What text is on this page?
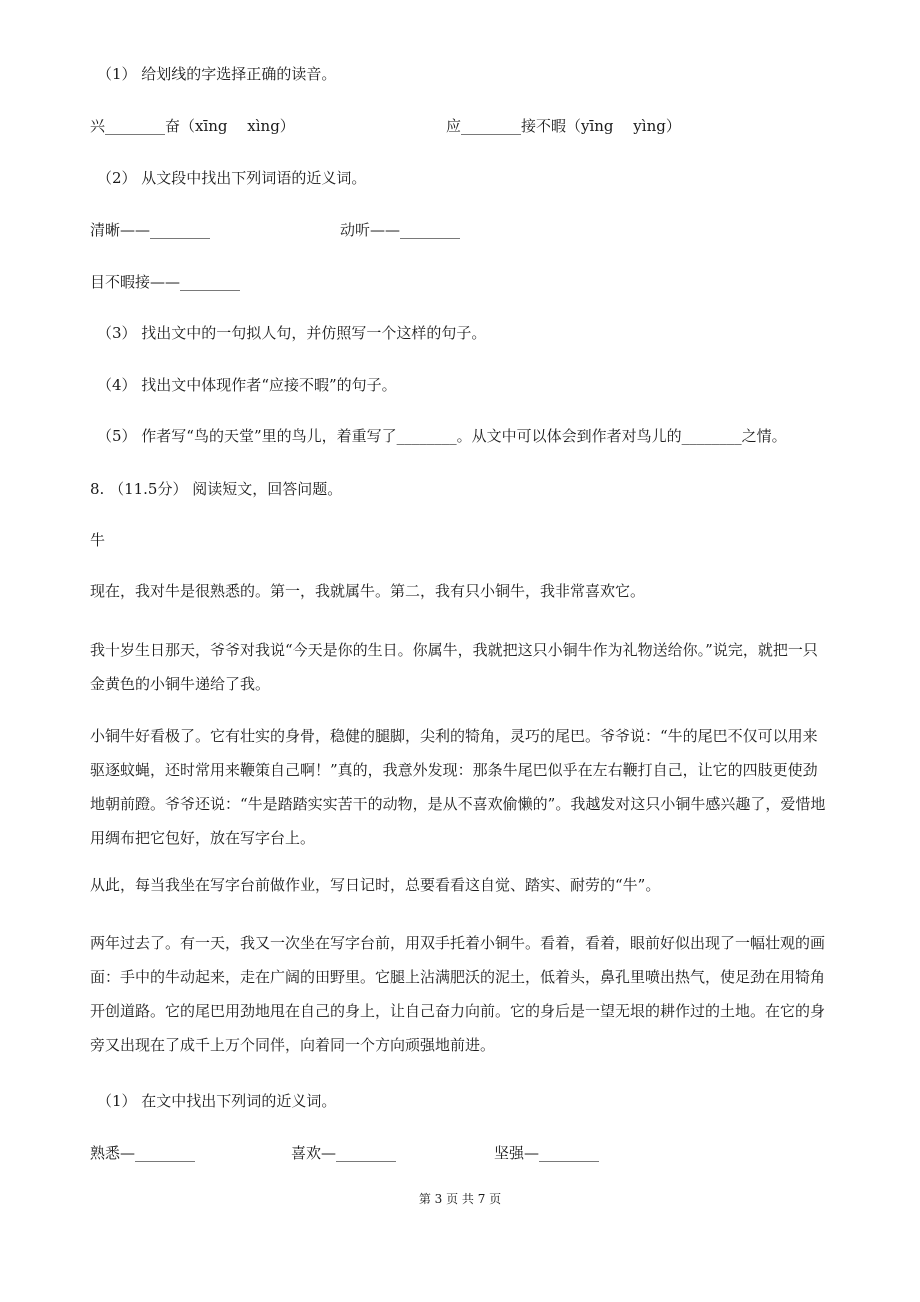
（1） 给划线的字选择正确的读音。
兴________奋（xīng　 xìng）	应________接不暇（yīng　 yìng）
（2） 从文段中找出下列词语的近义词。
清晰——________	动听——________
目不暇接——________
（3） 找出文中的一句拟人句，并仿照写一个这样的句子。
（4） 找出文中体现作者“应接不暇”的句子。
（5） 作者写“鸟的天堂”里的鸟儿，着重写了________。从文中可以体会到作者对鸟儿的________之情。
8. （11.5分） 阅读短文，回答问题。
牛
现在，我对牛是很熟悉的。第一，我就属牛。第二，我有只小铜牛，我非常喜欢它。
我十岁生日那天，爷爷对我说“今天是你的生日。你属牛，我就把这只小铜牛作为礼物送给你。”说完，就把一只金黄色的小铜牛递给了我。
小铜牛好看极了。它有壮实的身骨，稳健的腿脚，尖利的犄角，灵巧的尾巴。爷爷说：“牛的尾巴不仅可以用来驱逐蚊蝇，还时常用来鞭策自己啊！”真的，我意外发现：那条牛尾巴似乎在左右鞭打自己，让它的四肢更使劲地朝前蹬。爷爷还说：“牛是踏踏实实苦干的动物，是从不喜欢偷懒的”。我越发对这只小铜牛感兴趣了，爱惜地用绸布把它包好，放在写字台上。
从此，每当我坐在写字台前做作业，写日记时，总要看看这自觉、踏实、耐劳的“牛”。
两年过去了。有一天，我又一次坐在写字台前，用双手托着小铜牛。看着，看着，眼前好似出现了一幅壮观的画面：手中的牛动起来，走在广阔的田野里。它腿上沾满肥沃的泥土，低着头，鼻孔里喷出热气，使足劲在用犄角开创道路。它的尾巴用劲地甩在自己的身上，让自己奋力向前。它的身后是一望无垠的耕作过的土地。在它的身旁又出现在了成千上万个同伴，向着同一个方向顽强地前进。
（1） 在文中找出下列词的近义词。
熟悉—________	喜欢—________	坚强—________
第 3 页 共 7 页
